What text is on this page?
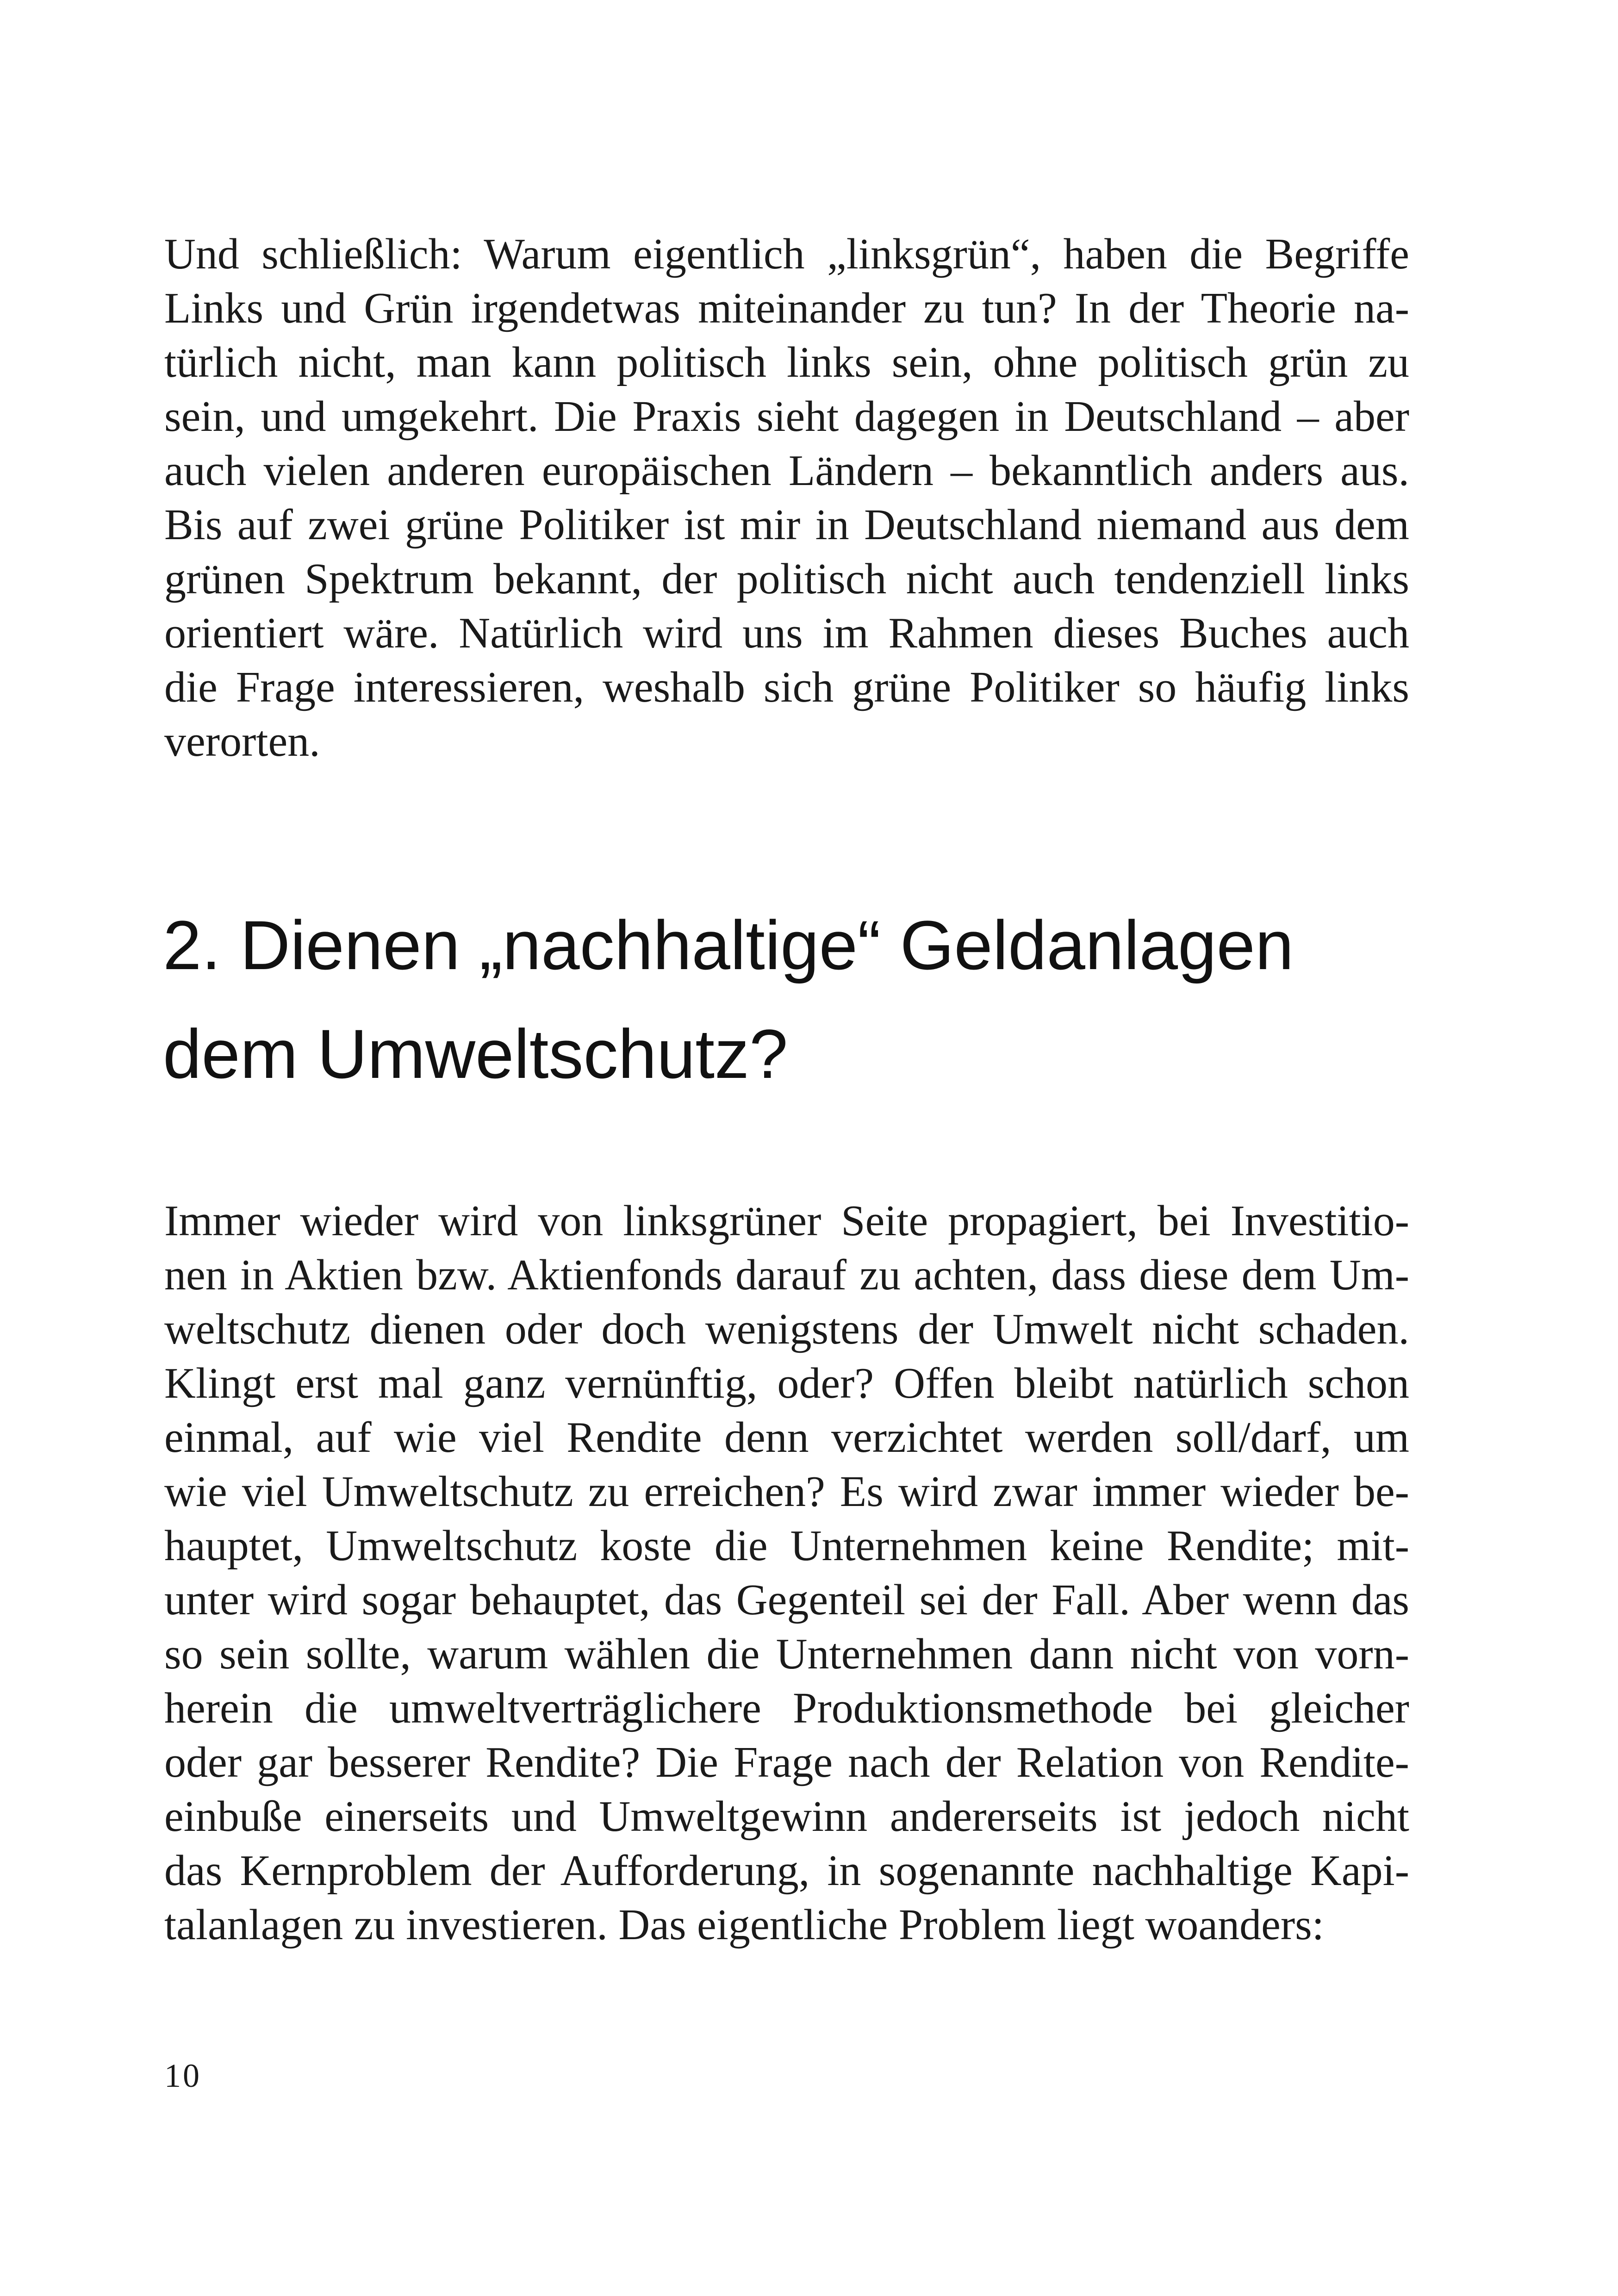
Und schließlich: Warum eigentlich „linksgrün“, haben die Begriffe
Links und Grün irgendetwas miteinander zu tun? In der Theorie na-
türlich nicht, man kann politisch links sein, ohne politisch grün zu
sein, und umgekehrt. Die Praxis sieht dagegen in Deutschland – aber
auch vielen anderen europäischen Ländern – bekanntlich anders aus.
Bis auf zwei grüne Politiker ist mir in Deutschland niemand aus dem
grünen Spektrum bekannt, der politisch nicht auch tendenziell links
orientiert wäre. Natürlich wird uns im Rahmen dieses Buches auch
die Frage interessieren, weshalb sich grüne Politiker so häufig links
verorten.
2. Dienen „nachhaltige“ Geldanlagen
dem Umweltschutz?
Immer wieder wird von linksgrüner Seite propagiert, bei Investitio-
nen in Aktien bzw. Aktienfonds darauf zu achten, dass diese dem Um-
weltschutz dienen oder doch wenigstens der Umwelt nicht schaden.
Klingt erst mal ganz vernünftig, oder? Offen bleibt natürlich schon
einmal, auf wie viel Rendite denn verzichtet werden soll/darf, um
wie viel Umweltschutz zu erreichen? Es wird zwar immer wieder be-
hauptet, Umweltschutz koste die Unternehmen keine Rendite; mit-
unter wird sogar behauptet, das Gegenteil sei der Fall. Aber wenn das
so sein sollte, warum wählen die Unternehmen dann nicht von vorn-
herein die umweltverträglichere Produktionsmethode bei gleicher
oder gar besserer Rendite? Die Frage nach der Relation von Rendite-
einbuße einerseits und Umweltgewinn andererseits ist jedoch nicht
das Kernproblem der Aufforderung, in sogenannte nachhaltige Kapi-
talanlagen zu investieren. Das eigentliche Problem liegt woanders:
10
